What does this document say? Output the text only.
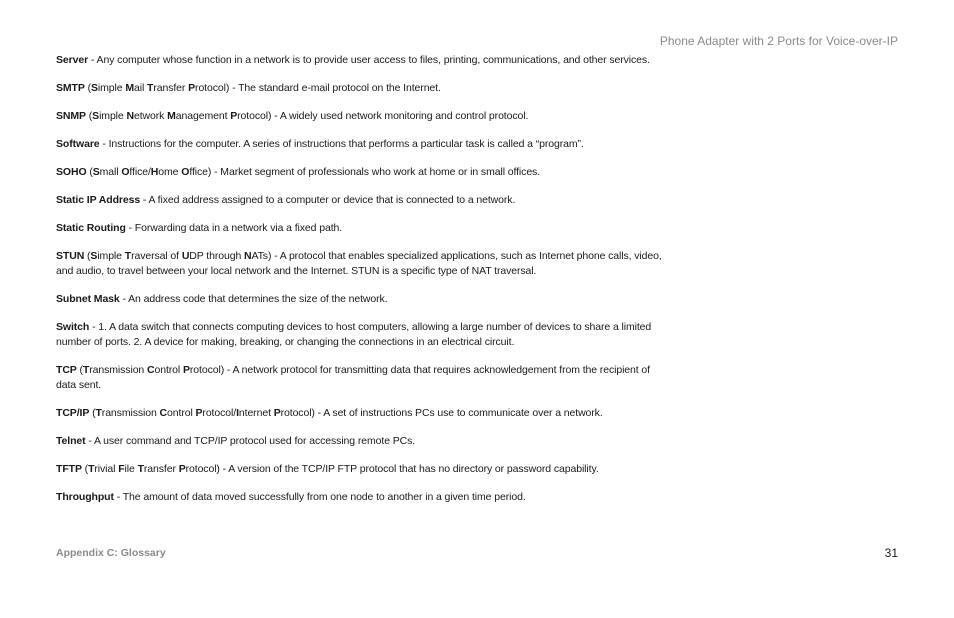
Phone Adapter with 2 Ports for Voice-over-IP

Server - Any computer whose function in a network is to provide user access to files, printing, communications, and other services.

SMTP (Simple Mail Transfer Protocol) - The standard e-mail protocol on the Internet.

SNMP (Simple Network Management Protocol) - A widely used network monitoring and control protocol.

Software - Instructions for the computer. A series of instructions that performs a particular task is called a “program”.

SOHO (Small Office/Home Office) - Market segment of professionals who work at home or in small offices.

Static IP Address - A fixed address assigned to a computer or device that is connected to a network.

Static Routing - Forwarding data in a network via a fixed path.

STUN (Simple Traversal of UDP through NATs) - A protocol that enables specialized applications, such as Internet phone calls, video, and audio, to travel between your local network and the Internet. STUN is a specific type of NAT traversal.

Subnet Mask - An address code that determines the size of the network.

Switch - 1. A data switch that connects computing devices to host computers, allowing a large number of devices to share a limited number of ports. 2. A device for making, breaking, or changing the connections in an electrical circuit.

TCP (Transmission Control Protocol) - A network protocol for transmitting data that requires acknowledgement from the recipient of data sent.

TCP/IP (Transmission Control Protocol/Internet Protocol) - A set of instructions PCs use to communicate over a network.

Telnet - A user command and TCP/IP protocol used for accessing remote PCs.

TFTP (Trivial File Transfer Protocol) - A version of the TCP/IP FTP protocol that has no directory or password capability.

Throughput - The amount of data moved successfully from one node to another in a given time period.

Appendix C: Glossary	31
